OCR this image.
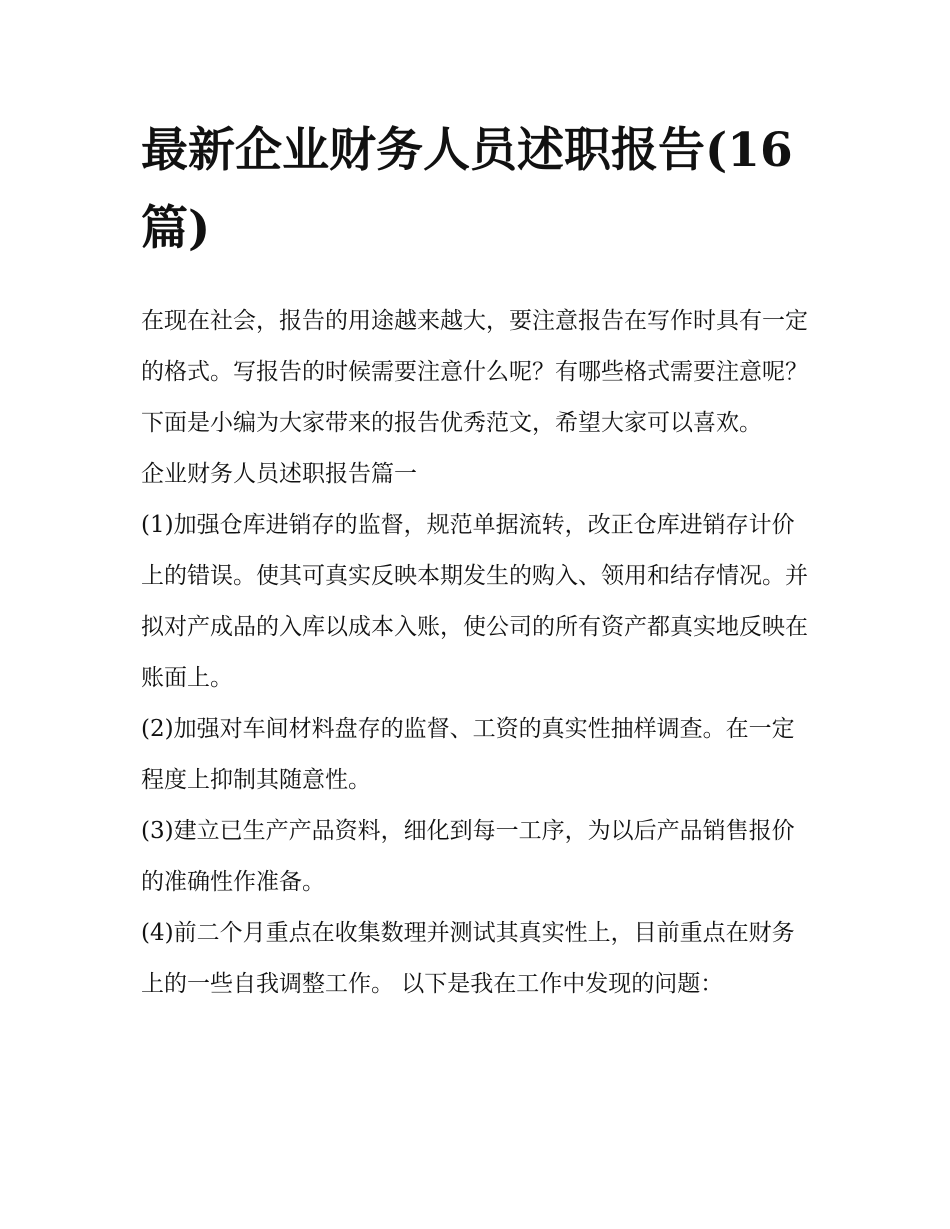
最新企业财务人员述职报告(16篇)

在现在社会，报告的用途越来越大，要注意报告在写作时具有一定的格式。写报告的时候需要注意什么呢？有哪些格式需要注意呢？下面是小编为大家带来的报告优秀范文，希望大家可以喜欢。

企业财务人员述职报告篇一

(1)加强仓库进销存的监督，规范单据流转，改正仓库进销存计价上的错误。使其可真实反映本期发生的购入、领用和结存情况。并拟对产成品的入库以成本入账，使公司的所有资产都真实地反映在账面上。

(2)加强对车间材料盘存的监督、工资的真实性抽样调查。在一定程度上抑制其随意性。

(3)建立已生产产品资料，细化到每一工序，为以后产品销售报价的准确性作准备。

(4)前二个月重点在收集数理并测试其真实性上，目前重点在财务上的一些自我调整工作。 以下是我在工作中发现的问题：
